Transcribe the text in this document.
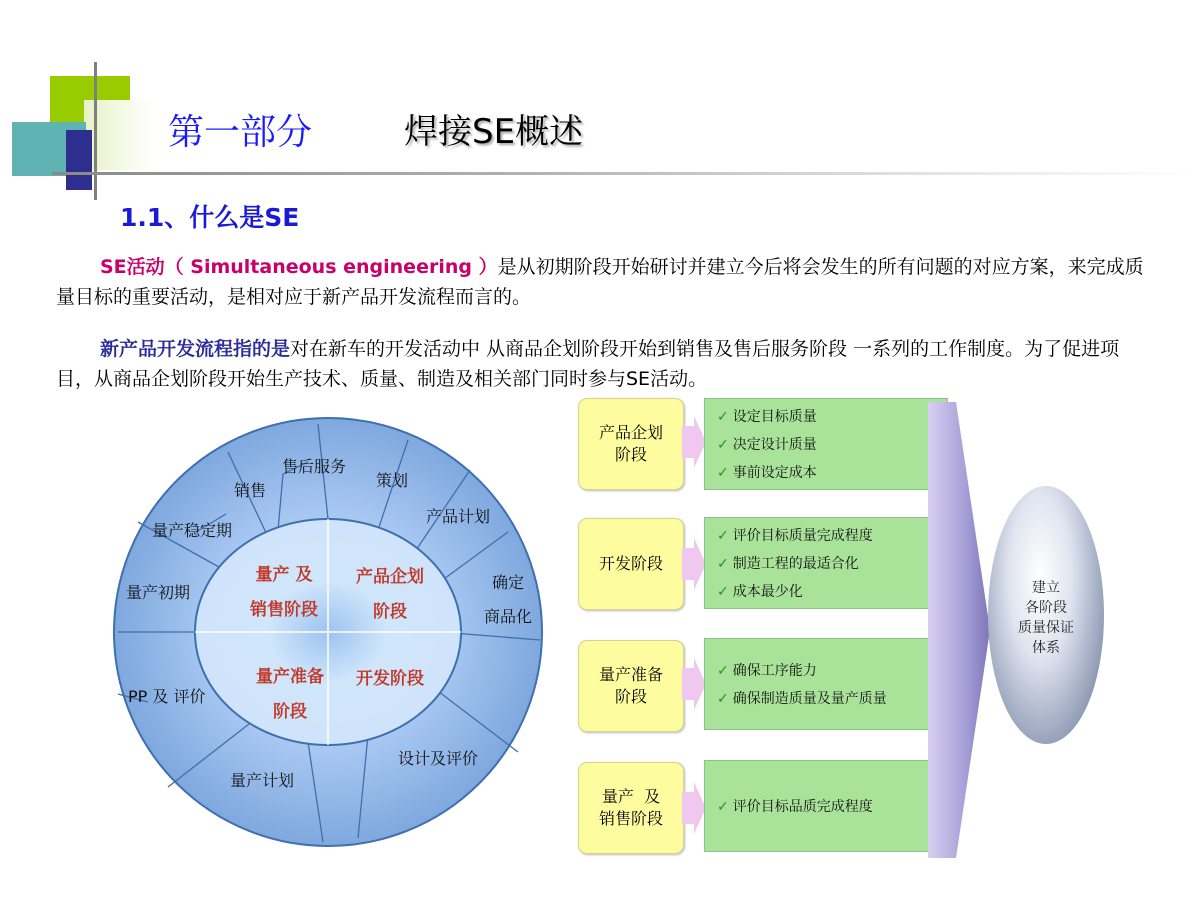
第一部分	焊接SE概述
1.1、什么是SE
SE活动（ Simultaneous engineering ）是从初期阶段开始研讨并建立今后将会发生的所有问题的对应方案，来完成质量目标的重要活动，是相对应于新产品开发流程而言的。
新产品开发流程指的是对在新车的开发活动中 从商品企划阶段开始到销售及售后服务阶段 一系列的工作制度。为了促进项目，从商品企划阶段开始生产技术、质量、制造及相关部门同时参与SE活动。
售后服务
策划
产品计划
确定
商品化
设计及评价
量产计划
PP 及 评价
量产初期
量产稳定期
销售
量产 及
销售阶段
产品企划
阶段
量产准备
阶段
开发阶段
产品企划
阶段
✓ 设定目标质量
✓ 决定设计质量
✓ 事前设定成本
开发阶段
✓ 评价目标质量完成程度
✓ 制造工程的最适合化
✓ 成本最少化
量产准备
阶段
✓ 确保工序能力
✓ 确保制造质量及量产质量
量产  及
销售阶段
✓ 评价目标品质完成程度
建立
各阶段
质量保证
体系
